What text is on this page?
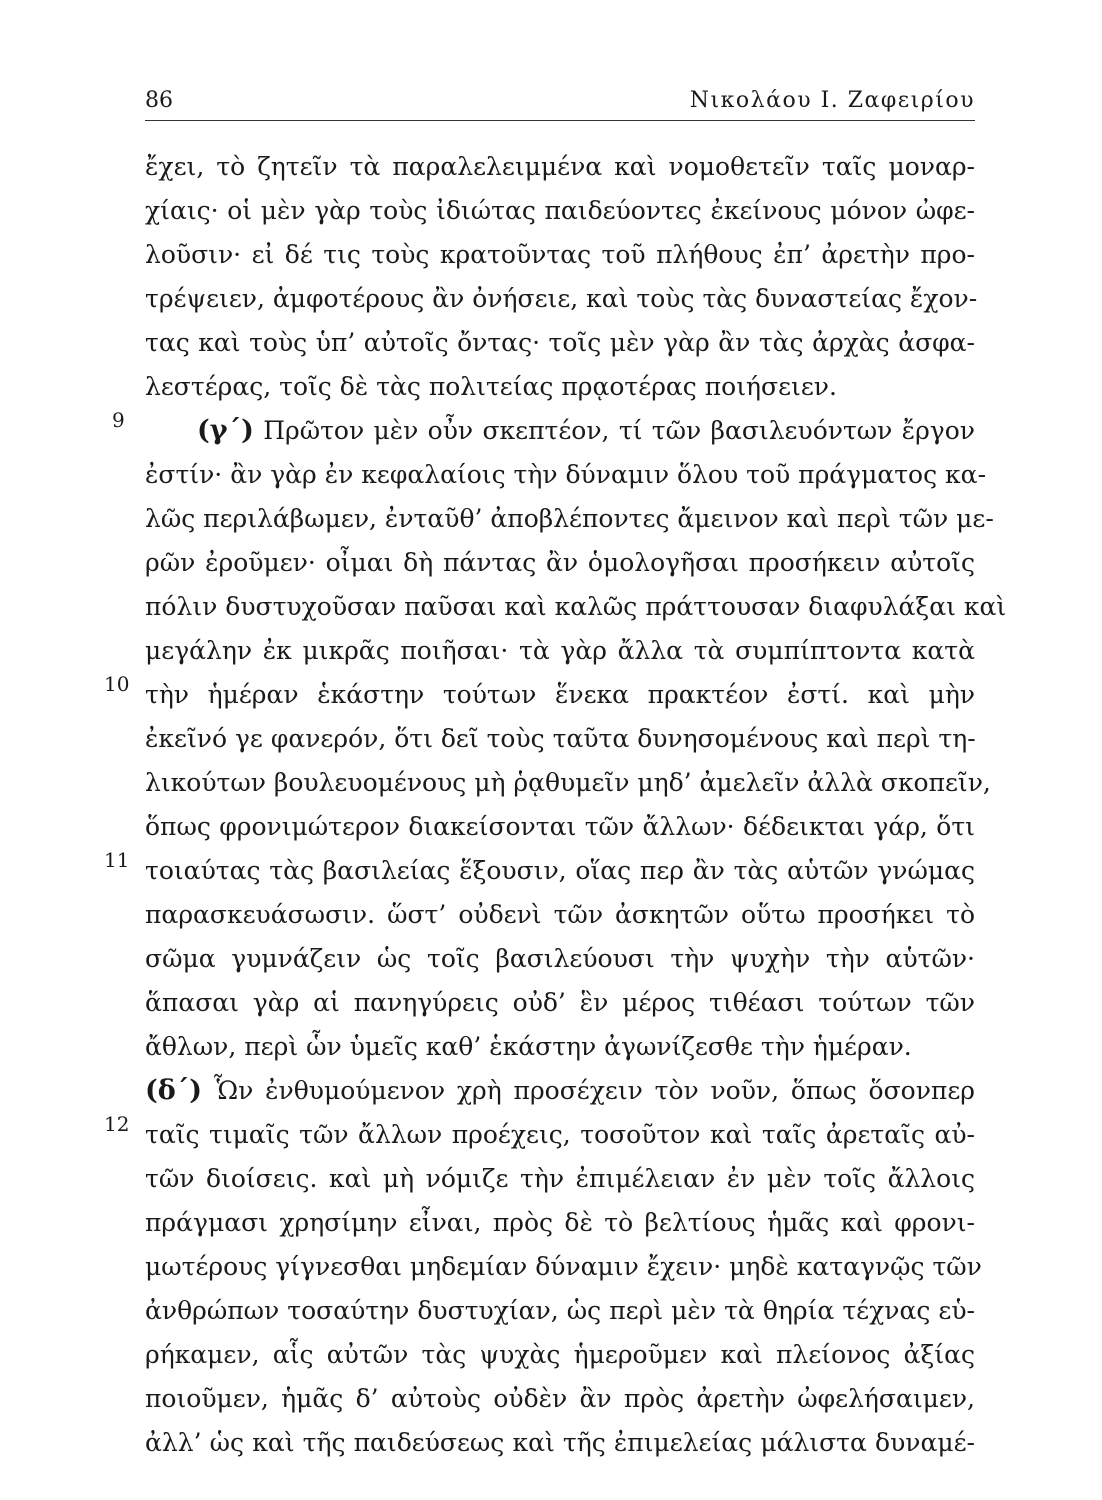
86	Νικολάου Ι. Ζαφειρίου
9
10
11
12
ἔχει, τὸ ζητεῖν τὰ παραλελειμμένα καὶ νομοθετεῖν ταῖς μοναρ-
χίαις· οἱ μὲν γὰρ τοὺς ἰδιώτας παιδεύοντες ἐκείνους μόνον ὠφε-
λοῦσιν· εἰ δέ τις τοὺς κρατοῦντας τοῦ πλήθους ἐπ’ ἀρετὴν προ-
τρέψειεν, ἀμφοτέρους ἂν ὀνήσειε, καὶ τοὺς τὰς δυναστείας ἔχον-
τας καὶ τοὺς ὑπ’ αὐτοῖς ὄντας· τοῖς μὲν γὰρ ἂν τὰς ἀρχὰς ἀσφα-
λεστέρας, τοῖς δὲ τὰς πολιτείας πρᾳοτέρας ποιήσειεν.
(γ΄) Πρῶτον μὲν οὖν σκεπτέον, τί τῶν βασιλευόντων ἔργον
ἐστίν· ἂν γὰρ ἐν κεφαλαίοις τὴν δύναμιν ὅλου τοῦ πράγματος κα-
λῶς περιλάβωμεν, ἐνταῦθ’ ἀποβλέποντες ἄμεινον καὶ περὶ τῶν με-
ρῶν ἐροῦμεν· οἶμαι δὴ πάντας ἂν ὁμολογῆσαι προσήκειν αὐτοῖς
πόλιν δυστυχοῦσαν παῦσαι καὶ καλῶς πράττουσαν διαφυλάξαι καὶ
μεγάλην ἐκ μικρᾶς ποιῆσαι· τὰ γὰρ ἄλλα τὰ συμπίπτοντα κατὰ
τὴν ἡμέραν ἑκάστην τούτων ἕνεκα πρακτέον ἐστί. καὶ μὴν
ἐκεῖνό γε φανερόν, ὅτι δεῖ τοὺς ταῦτα δυνησομένους καὶ περὶ τη-
λικούτων βουλευομένους μὴ ῥᾳθυμεῖν μηδ’ ἀμελεῖν ἀλλὰ σκοπεῖν,
ὅπως φρονιμώτερον διακείσονται τῶν ἄλλων· δέδεικται γάρ, ὅτι
τοιαύτας τὰς βασιλείας ἕξουσιν, οἵας περ ἂν τὰς αὑτῶν γνώμας
παρασκευάσωσιν. ὥστ’ οὐδενὶ τῶν ἀσκητῶν οὕτω προσήκει τὸ
σῶμα γυμνάζειν ὡς τοῖς βασιλεύουσι τὴν ψυχὴν τὴν αὑτῶν·
ἅπασαι γὰρ αἱ πανηγύρεις οὐδ’ ἓν μέρος τιθέασι τούτων τῶν
ἄθλων, περὶ ὧν ὑμεῖς καθ’ ἑκάστην ἀγωνίζεσθε τὴν ἡμέραν.
(δ΄) Ὧν ἐνθυμούμενον χρὴ προσέχειν τὸν νοῦν, ὅπως ὅσονπερ
ταῖς τιμαῖς τῶν ἄλλων προέχεις, τοσοῦτον καὶ ταῖς ἀρεταῖς αὐ-
τῶν διοίσεις. καὶ μὴ νόμιζε τὴν ἐπιμέλειαν ἐν μὲν τοῖς ἄλλοις
πράγμασι χρησίμην εἶναι, πρὸς δὲ τὸ βελτίους ἡμᾶς καὶ φρονι-
μωτέρους γίγνεσθαι μηδεμίαν δύναμιν ἔχειν· μηδὲ καταγνῷς τῶν
ἀνθρώπων τοσαύτην δυστυχίαν, ὡς περὶ μὲν τὰ θηρία τέχνας εὑ-
ρήκαμεν, αἷς αὐτῶν τὰς ψυχὰς ἡμεροῦμεν καὶ πλείονος ἀξίας
ποιοῦμεν, ἡμᾶς δ’ αὐτοὺς οὐδὲν ἂν πρὸς ἀρετὴν ὠφελήσαιμεν,
ἀλλ’ ὡς καὶ τῆς παιδεύσεως καὶ τῆς ἐπιμελείας μάλιστα δυναμέ-
